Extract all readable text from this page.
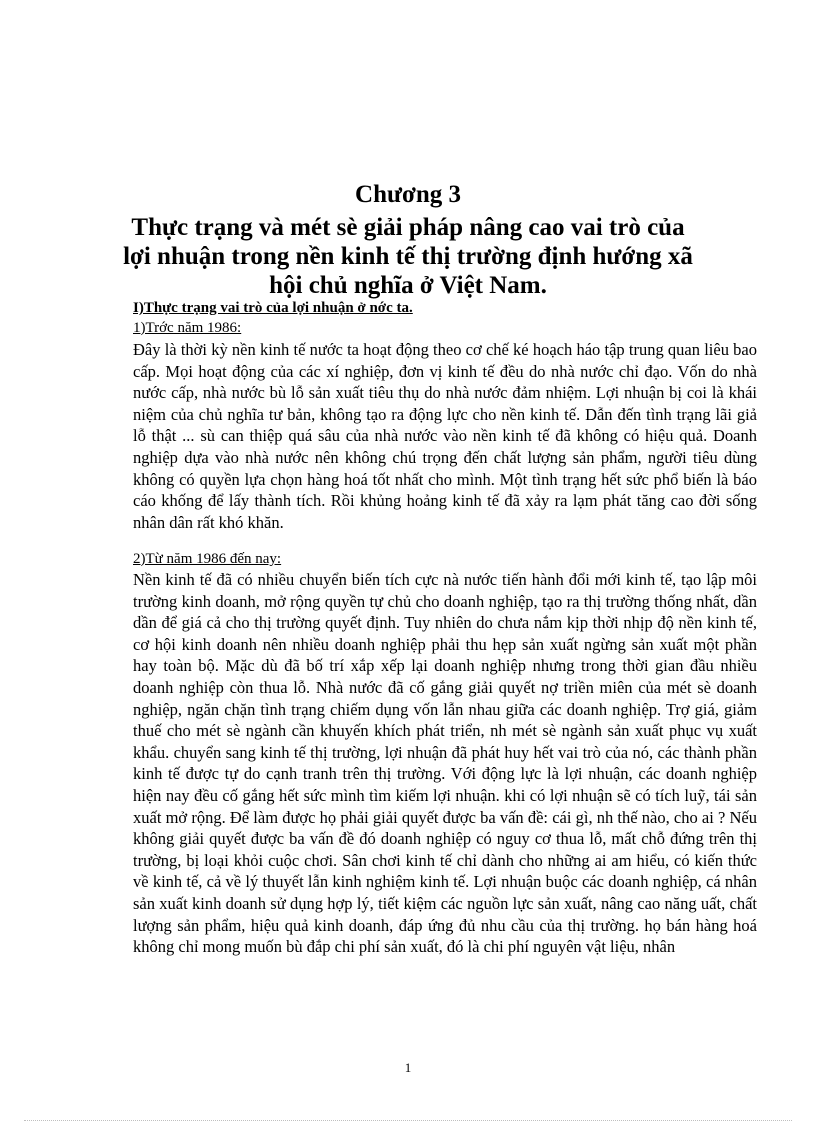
Chương 3
Thực trạng và mét sè giải pháp nâng cao vai trò của lợi nhuận trong nền kinh tế thị trường định hướng xã hội chủ nghĩa ở Việt Nam.
I)Thực trạng vai trò của lợi nhuận ở nớc ta.
1)Trớc năm 1986:

Đây là thời kỳ nền kinh tế nước ta hoạt động theo cơ chế ké hoạch háo tập trung quan liêu bao cấp. Mọi hoạt động của các xí nghiệp, đơn vị kinh tế đều do nhà nước chỉ đạo. Vốn do nhà nước cấp, nhà nước bù lỗ sản xuất tiêu thụ do nhà nước đảm nhiệm. Lợi nhuận bị coi là khái niệm của chủ nghĩa tư bản, không tạo ra động lực cho nền kinh tế. Dẫn đến tình trạng lãi giả lỗ thật ... sù can thiệp quá sâu của nhà nước vào nền kinh tế đã không có hiệu quả. Doanh nghiệp dựa vào nhà nước nên không chú trọng đến chất lượng sản phẩm, người tiêu dùng không có quyền lựa chọn hàng hoá tốt nhất cho mình. Một tình trạng hết sức phổ biến là báo cáo khống để lấy thành tích. Rồi khủng hoảng kinh tế đã xảy ra lạm phát tăng cao đời sống nhân dân rất khó khăn.

2)Từ năm 1986 đến nay:

Nền kinh tế đã có nhiều chuyển biến tích cực nà nước tiến hành đổi mới kinh tế, tạo lập môi trường kinh doanh, mở rộng quyền tự chủ cho doanh nghiệp, tạo ra thị trường thống nhất, dần dần để giá cả cho thị trường quyết định. Tuy nhiên do chưa nắm kịp thời nhịp độ nền kinh tế, cơ hội kinh doanh nên nhiều doanh nghiệp phải thu hẹp sản xuất ngừng sản xuất một phần hay toàn bộ. Mặc dù đã bố trí xắp xếp lại doanh nghiệp nhưng trong thời gian đầu nhiều doanh nghiệp còn thua lỗ. Nhà nước đã cố gắng giải quyết nợ triền miên của mét sè doanh nghiệp, ngăn chặn tình trạng chiếm dụng vốn lẫn nhau giữa các doanh nghiệp. Trợ giá, giảm thuế cho mét sè ngành cần khuyến khích phát triển, nh mét sè ngành sản xuất phục vụ xuất khẩu. chuyển sang kinh tế thị trường, lợi nhuận đã phát huy hết vai trò của nó, các thành phần kinh tế được tự do cạnh tranh trên thị trường. Với động lực là lợi nhuận, các doanh nghiệp hiện nay đều cố gắng hết sức mình tìm kiếm lợi nhuận. khi có lợi nhuận sẽ có tích luỹ, tái sản xuất mở rộng. Để làm được họ phải giải quyết được ba vấn đề: cái gì, nh thế nào, cho ai ? Nếu không giải quyết được ba vấn đề đó doanh nghiệp có nguy cơ thua lỗ, mất chỗ đứng trên thị trường, bị loại khỏi cuộc chơi. Sân chơi kinh tế chỉ dành cho những ai am hiểu, có kiến thức về kinh tế, cả về lý thuyết lẫn kinh nghiệm kinh tế. Lợi nhuận buộc các doanh nghiệp, cá nhân sản xuất kinh doanh sử dụng hợp lý, tiết kiệm các nguồn lực sản xuất, nâng cao năng uất, chất lượng sản phẩm, hiệu quả kinh doanh, đáp ứng đủ nhu cầu của thị trường. họ bán hàng hoá không chỉ mong muốn bù đắp chi phí sản xuất, đó là chi phí nguyên vật liệu, nhân

1
